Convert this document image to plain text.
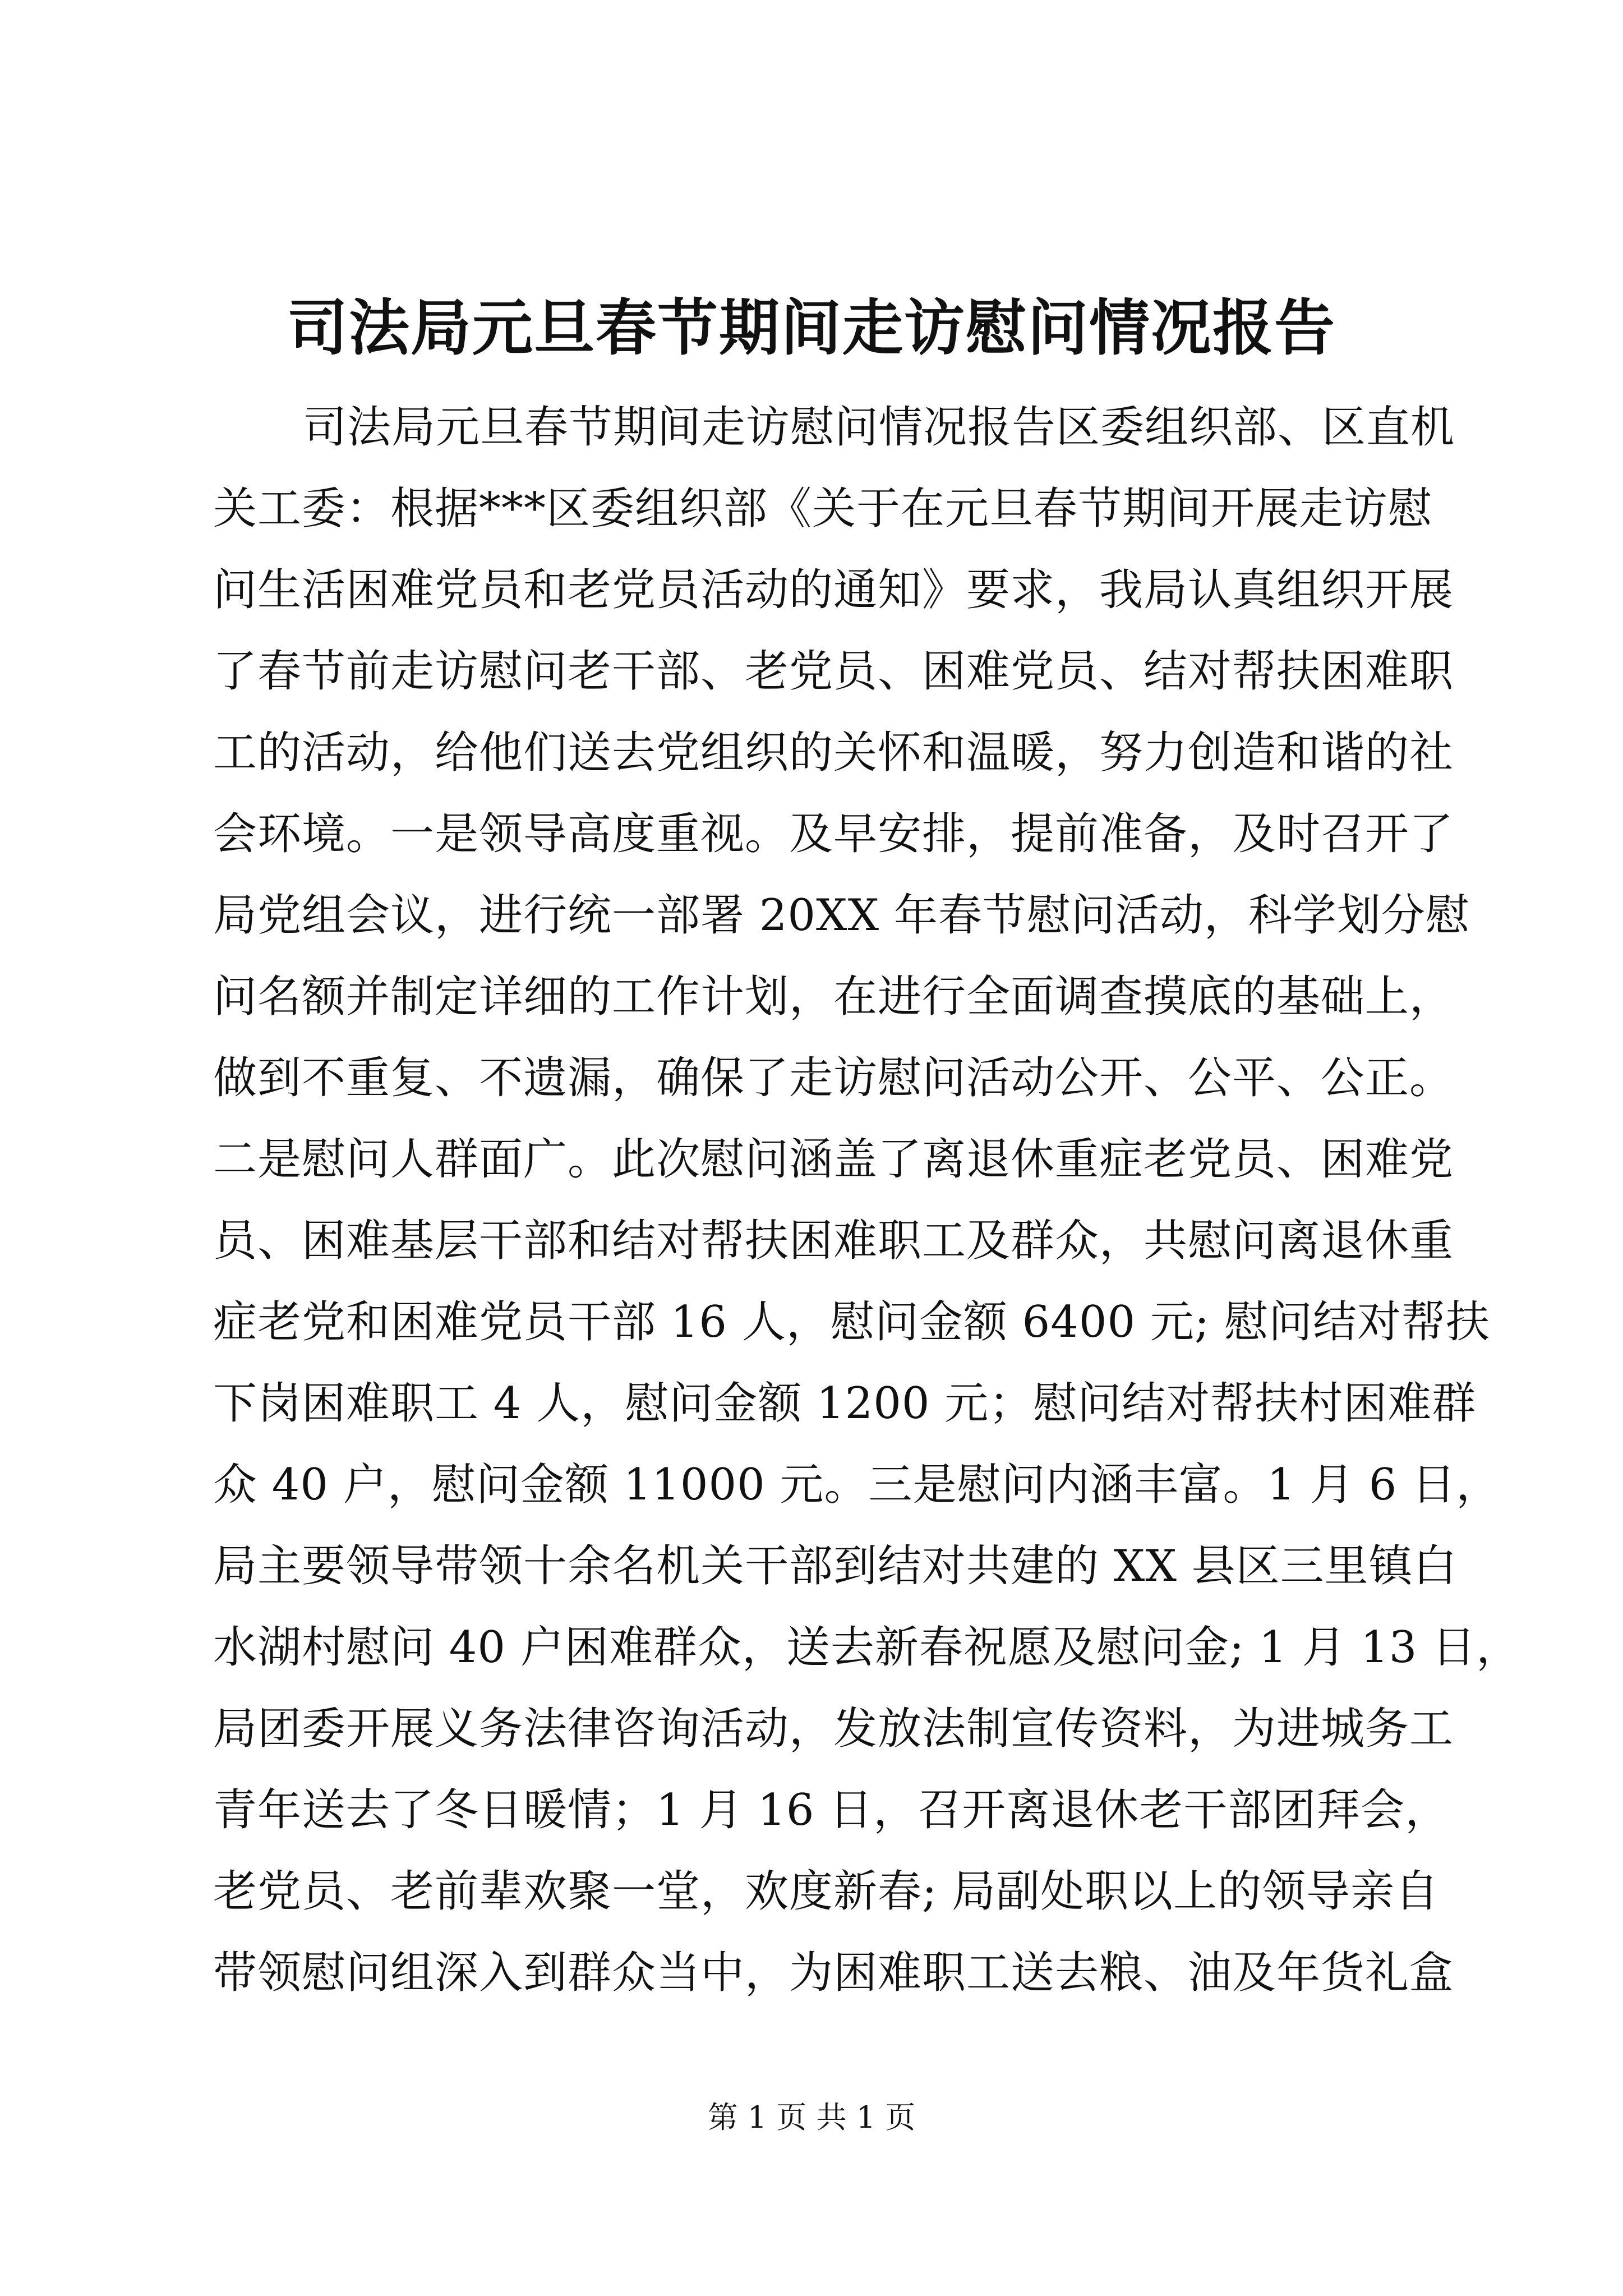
司法局元旦春节期间走访慰问情况报告
司法局元旦春节期间走访慰问情况报告区委组织部、区直机
关工委：根据***区委组织部《关于在元旦春节期间开展走访慰
问生活困难党员和老党员活动的通知》要求，我局认真组织开展
了春节前走访慰问老干部、老党员、困难党员、结对帮扶困难职
工的活动，给他们送去党组织的关怀和温暖，努力创造和谐的社
会环境。一是领导高度重视。及早安排，提前准备，及时召开了
局党组会议，进行统一部署 20XX 年春节慰问活动，科学划分慰
问名额并制定详细的工作计划，在进行全面调查摸底的基础上，
做到不重复、不遗漏，确保了走访慰问活动公开、公平、公正。
二是慰问人群面广。此次慰问涵盖了离退休重症老党员、困难党
员、困难基层干部和结对帮扶困难职工及群众，共慰问离退休重
症老党和困难党员干部 16 人，慰问金额 6400 元; 慰问结对帮扶
下岗困难职工 4 人，慰问金额 1200 元；慰问结对帮扶村困难群
众 40 户，慰问金额 11000 元。三是慰问内涵丰富。1 月 6 日，
局主要领导带领十余名机关干部到结对共建的 XX 县区三里镇白
水湖村慰问 40 户困难群众，送去新春祝愿及慰问金; 1 月 13 日，
局团委开展义务法律咨询活动，发放法制宣传资料，为进城务工
青年送去了冬日暖情；1 月 16 日，召开离退休老干部团拜会，
老党员、老前辈欢聚一堂，欢度新春; 局副处职以上的领导亲自
带领慰问组深入到群众当中，为困难职工送去粮、油及年货礼盒
第 1 页 共 1 页
